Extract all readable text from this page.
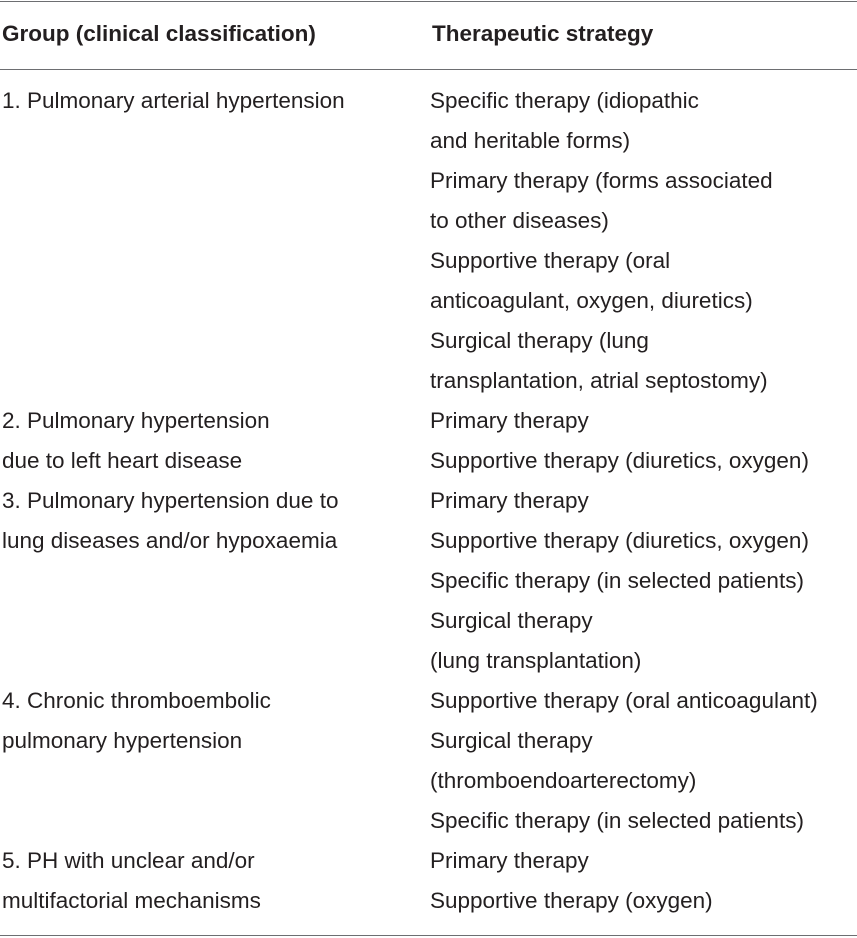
Group (clinical classification)	Therapeutic strategy
1. Pulmonary arterial hypertension	Specific therapy (idiopathic
and heritable forms)
Primary therapy (forms associated
to other diseases)
Supportive therapy (oral
anticoagulant, oxygen, diuretics)
Surgical therapy (lung
transplantation, atrial septostomy)
2. Pulmonary hypertension
due to left heart disease
Primary therapy
Supportive therapy (diuretics, oxygen)
3. Pulmonary hypertension due to
lung diseases and/or hypoxaemia
Primary therapy
Supportive therapy (diuretics, oxygen)
Specific therapy (in selected patients)
Surgical therapy
(lung transplantation)
4. Chronic thromboembolic
pulmonary hypertension
Supportive therapy (oral anticoagulant)
Surgical therapy
(thromboendoarterectomy)
Specific therapy (in selected patients)
5. PH with unclear and/or
multifactorial mechanisms
Primary therapy
Supportive therapy (oxygen)
